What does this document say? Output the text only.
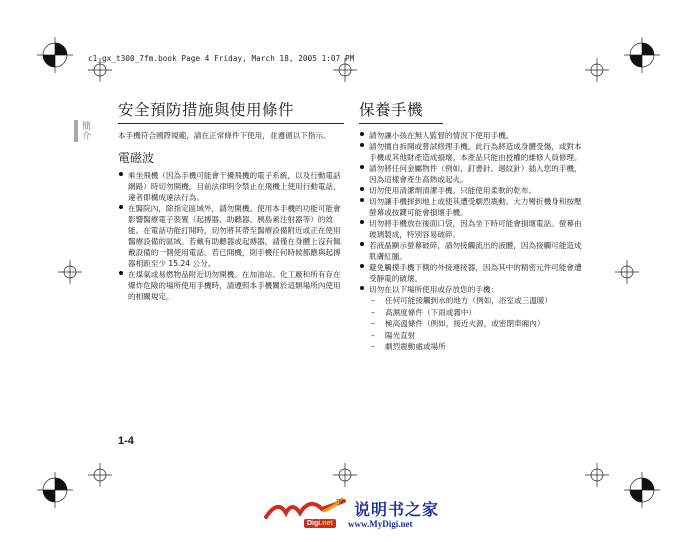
c1_gx_t300_7fm.book Page 4 Friday, March 18, 2005 1:07 PM
簡介
安全預防措施與使用條件

本手機符合國際規範，請在正常條件下使用，並遵循以下指示。

電磁波
乘坐飛機（因為手機可能會干擾飛機的電子系統，以及行動電話網路）時切勿開機。目前法律明令禁止在飛機上使用行動電話，違者即構成違法行為。
在醫院內，除指定區域外，請勿開機。使用本手機的功能可能會影響醫療電子裝置（起搏器、助聽器、胰島素注射器等）的效能。在電話功能打開時，切勿將其帶至醫療設備附近或正在使用醫療設備的區域。若戴有助聽器或起搏器，請僅在身體上沒有佩戴設備的一側使用電話。若已開機，則手機任何時候都應與起搏器相距至少 15.24 公分。
在煤氣或易燃物品附近切勿開機。在加油站、化工廠和所有存在爆炸危險的場所使用手機時，請遵照本手機關於這類場所內使用的相關規定。
保養手機
請勿讓小孩在無人監督的情況下使用手機。
請勿擅自拆開或嘗試修理手機。此行為將造成身體受傷，或對本手機或其他財產造成損壞。本產品只能由授權的維修人員修理。
請勿將任何金屬物件（例如，釘書針、迴紋針）插入您的手機，因為這樣會產生高熱或起火。
切勿使用清潔劑清潔手機。只能使用柔軟的乾布。
切勿讓手機摔到地上或使其遭受劇烈震動。大力彎折機身和按壓螢幕或按鍵可能會損壞手機。
切勿將手機放在後面口袋，因為坐下時可能會損壞電話。螢幕由玻璃製成，特別容易破碎。
若液晶顯示螢幕破碎，請勿接觸流出的液體，因為接觸可能造成肌膚紅腫。
避免觸摸手機下側的外接連接器，因為其中的精密元件可能會遭受靜電的破壞。
切勿在以下場所使用或存放您的手機：
– 任何可能接觸到水的地方（例如，浴室或三溫暖）
– 高濕度條件（下雨或霧中）
– 極高溫條件（例如，接近火源，或密閉車廂內）
– 陽光直射
– 劇烈震動處或場所
1-4
TM
Digi.net
说明书之家
www.MyDigi.net
